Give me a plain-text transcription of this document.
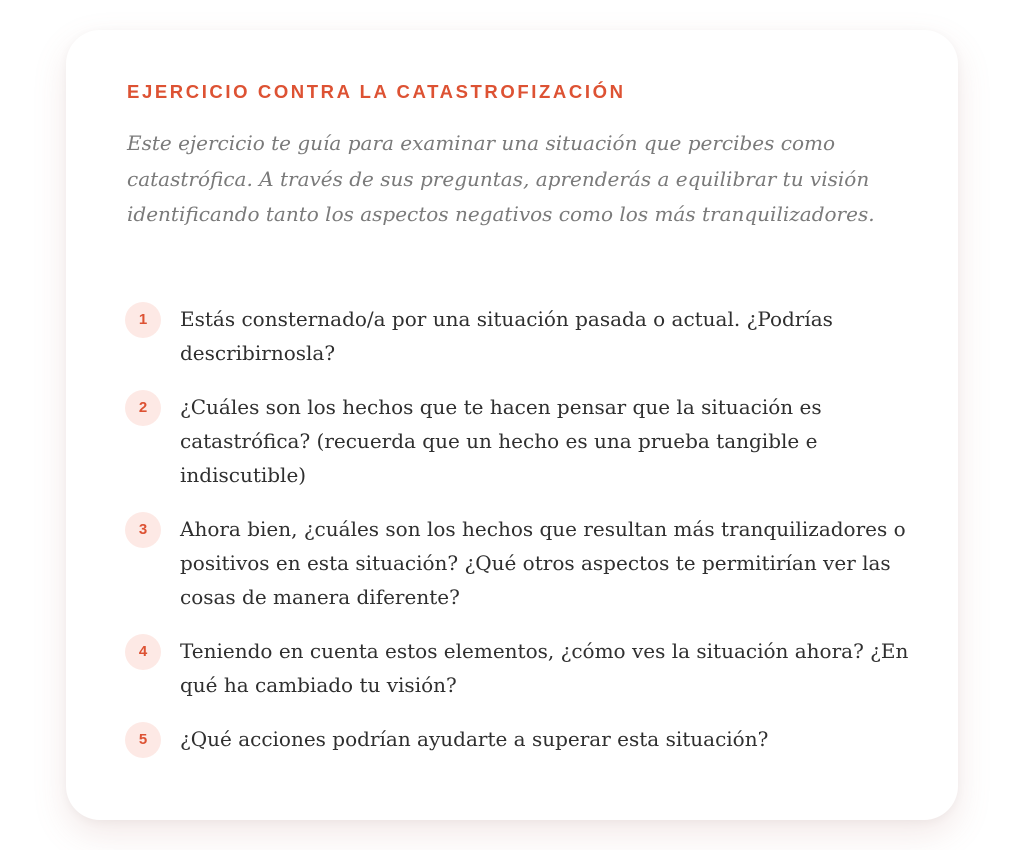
EJERCICIO CONTRA LA CATASTROFIZACIÓN
Este ejercicio te guía para examinar una situación que percibes como catastrófica. A través de sus preguntas, aprenderás a equilibrar tu visión identificando tanto los aspectos negativos como los más tranquilizadores.
1	Estás consternado/a por una situación pasada o actual. ¿Podrías describirnosla?
2	¿Cuáles son los hechos que te hacen pensar que la situación es catastrófica? (recuerda que un hecho es una prueba tangible e indiscutible)
3	Ahora bien, ¿cuáles son los hechos que resultan más tranquilizadores o positivos en esta situación? ¿Qué otros aspectos te permitirían ver las cosas de manera diferente?
4	Teniendo en cuenta estos elementos, ¿cómo ves la situación ahora? ¿En qué ha cambiado tu visión?
5	¿Qué acciones podrían ayudarte a superar esta situación?
